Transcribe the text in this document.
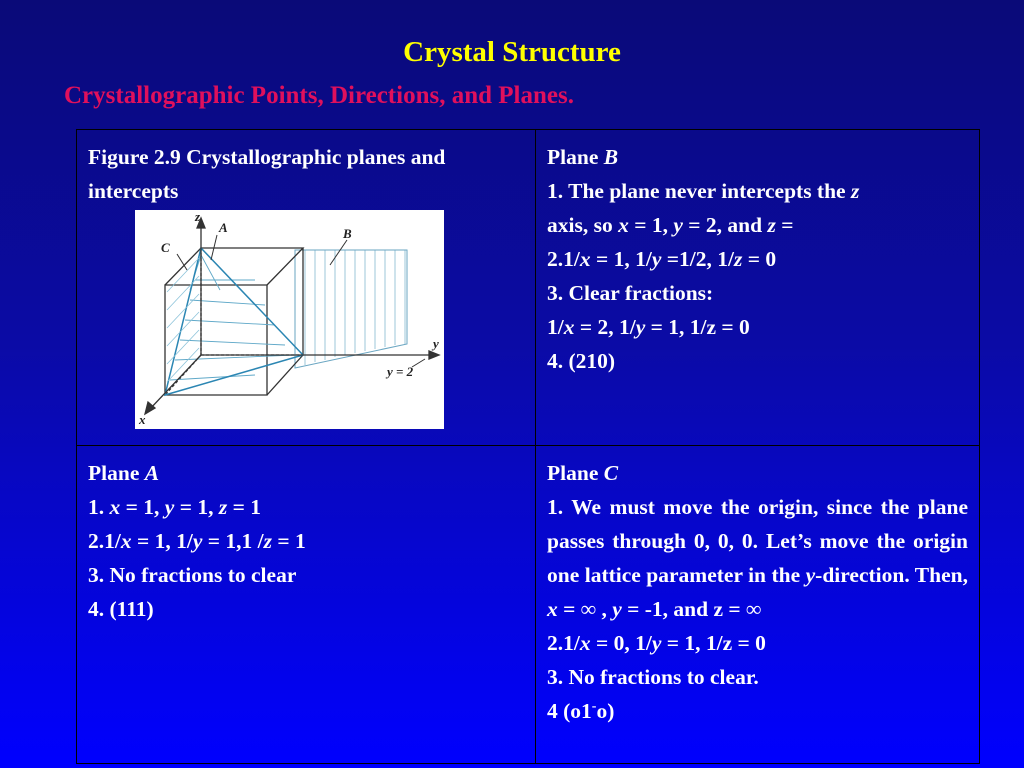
Crystal Structure
Crystallographic Points, Directions, and Planes.
Figure 2.9 Crystallographic planes and intercepts
z
A
C
B
y
y = 2
x
Plane B
1. The plane never intercepts the z
axis, so x = 1, y = 2, and z =
2.1/x = 1, 1/y =1/2, 1/z = 0
3. Clear fractions:
1/x = 2, 1/y = 1, 1/z = 0
4. (210)
Plane A
1. x = 1, y = 1, z = 1
2.1/x = 1, 1/y = 1,1 /z = 1
3. No fractions to clear
4. (111)
Plane C
1. We must move the origin, since the plane passes through 0, 0, 0. Let’s move the origin one lattice parameter in the y-direction. Then, x = ∞ , y = -1, and z = ∞
2.1/x = 0, 1/y = 1, 1/z = 0
3. No fractions to clear.
4 (o1-o)
